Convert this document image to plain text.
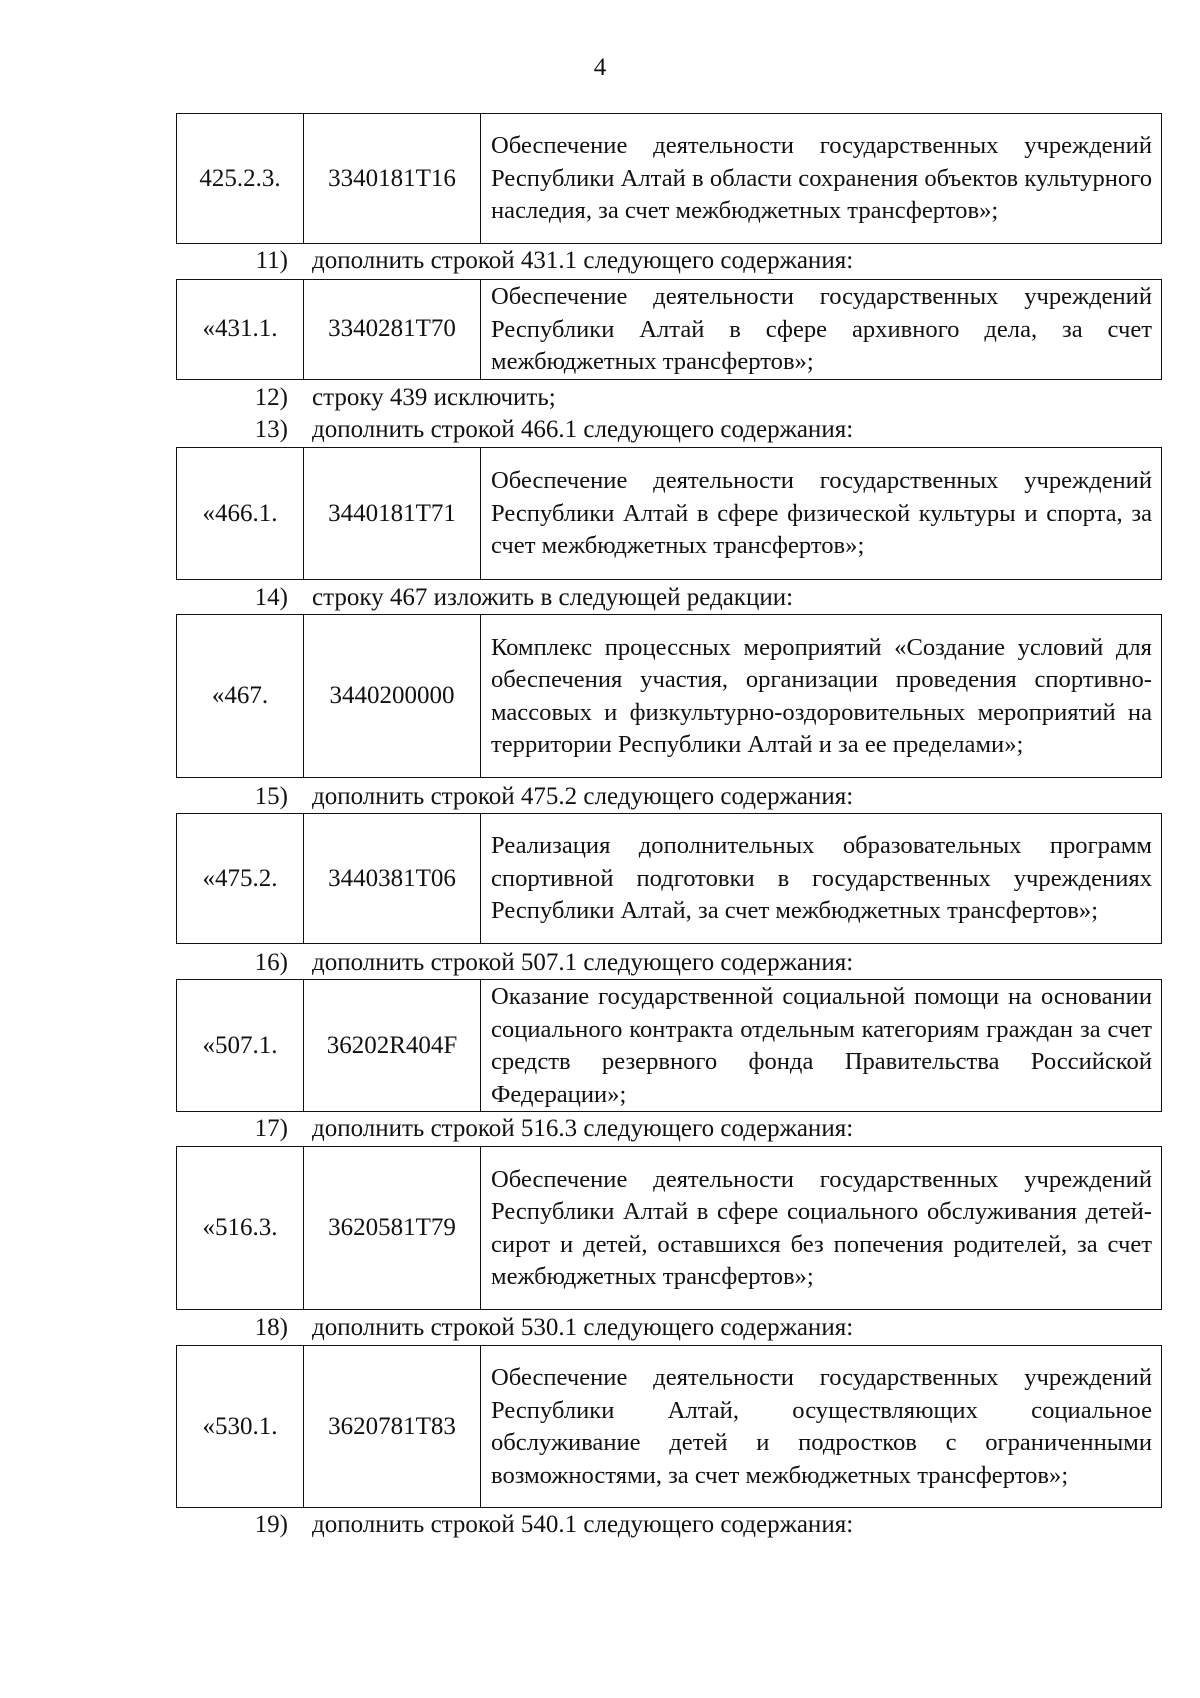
4
425.2.3.	3340181Т16	Обеспечение деятельности государственных учреждений Республики Алтай в области сохранения объектов культурного наследия, за счет межбюджетных трансфертов»;
11) дополнить строкой 431.1 следующего содержания:
«431.1.	3340281Т70	Обеспечение деятельности государственных учреждений Республики Алтай в сфере архивного дела, за счет межбюджетных трансфертов»;
12) строку 439 исключить;
13) дополнить строкой 466.1 следующего содержания:
«466.1.	3440181Т71	Обеспечение деятельности государственных учреждений Республики Алтай в сфере физической культуры и спорта, за счет межбюджетных трансфертов»;
14) строку 467 изложить в следующей редакции:
«467.	3440200000	Комплекс процессных мероприятий «Создание условий для обеспечения участия, организации проведения спортивно-массовых и физкультурно-оздоровительных мероприятий на территории Республики Алтай и за ее пределами»;
15) дополнить строкой 475.2 следующего содержания:
«475.2.	3440381Т06	Реализация дополнительных образовательных программ спортивной подготовки в государственных учреждениях Республики Алтай, за счет межбюджетных трансфертов»;
16) дополнить строкой 507.1 следующего содержания:
«507.1.	36202R404F	Оказание государственной социальной помощи на основании социального контракта отдельным категориям граждан за счет средств резервного фонда Правительства Российской Федерации»;
17) дополнить строкой 516.3 следующего содержания:
«516.3.	3620581Т79	Обеспечение деятельности государственных учреждений Республики Алтай в сфере социального обслуживания детей-сирот и детей, оставшихся без попечения родителей, за счет межбюджетных трансфертов»;
18) дополнить строкой 530.1 следующего содержания:
«530.1.	3620781Т83	Обеспечение деятельности государственных учреждений Республики Алтай, осуществляющих социальное обслуживание детей и подростков с ограниченными возможностями, за счет межбюджетных трансфертов»;
19) дополнить строкой 540.1 следующего содержания:
